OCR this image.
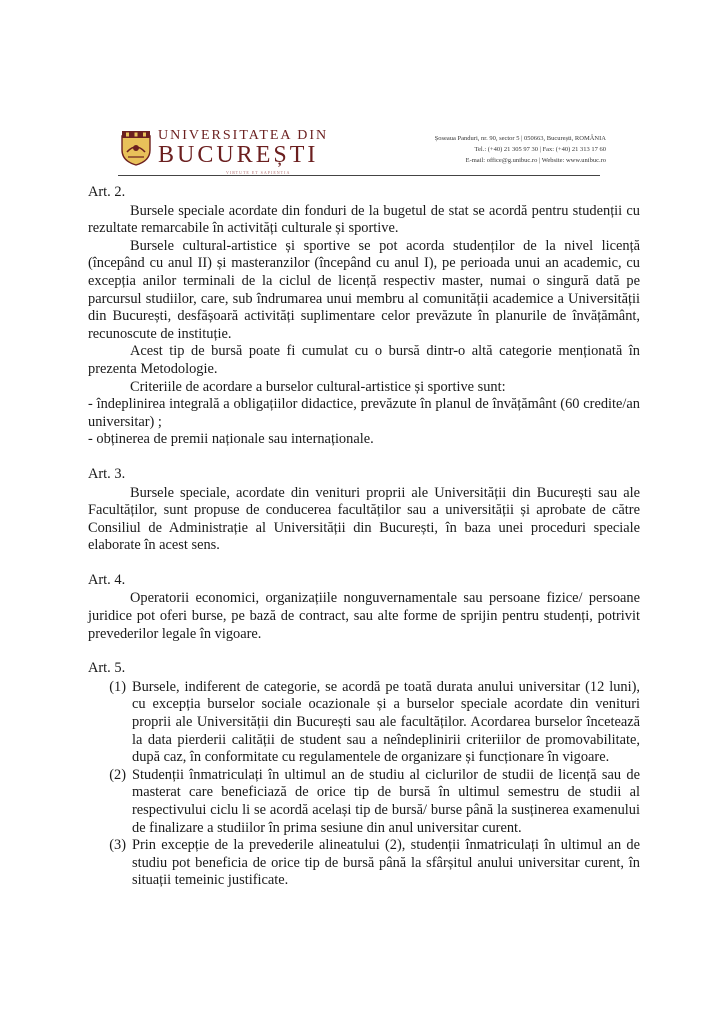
UNIVERSITATEA DIN
BUCUREȘTI
VIRTUTE ET SAPIENTIA
Șoseaua Panduri, nr. 90, sector 5 | 050663, București, ROMÂNIA
Tel.: (+40) 21 305 97 30 | Fax: (+40) 21 313 17 60
E-mail: office@g.unibuc.ro | Website: www.unibuc.ro

Art. 2.

Bursele speciale acordate din fonduri de la bugetul de stat se acordă pentru studenții cu rezultate remarcabile în activități culturale și sportive.

Bursele cultural-artistice și sportive se pot acorda studenților de la nivel licență (începând cu anul II) și masteranzilor (începând cu anul I), pe perioada unui an academic, cu excepția anilor terminali de la ciclul de licență respectiv master, numai o singură dată pe parcursul studiilor, care, sub îndrumarea unui membru al comunității academice a Universității din București, desfășoară activități suplimentare celor prevăzute în planurile de învățământ, recunoscute de instituție.

Acest tip de bursă poate fi cumulat cu o bursă dintr-o altă categorie menționată în prezenta Metodologie.

Criteriile de acordare a burselor cultural-artistice și sportive sunt:

- îndeplinirea integrală a obligațiilor didactice, prevăzute în planul de învățământ (60 credite/an universitar) ;

- obținerea de premii naționale sau internaționale.

Art. 3.

Bursele speciale, acordate din venituri proprii ale Universității din București sau ale Facultăților, sunt propuse de conducerea facultăților sau a universității și aprobate de către Consiliul de Administrație al Universității din București, în baza unei proceduri speciale elaborate în acest sens.

Art. 4.

Operatorii economici, organizațiile nonguvernamentale sau persoane fizice/ persoane juridice pot oferi burse, pe bază de contract, sau alte forme de sprijin pentru studenți, potrivit prevederilor legale în vigoare.

Art. 5.

(1) Bursele, indiferent de categorie, se acordă pe toată durata anului universitar (12 luni), cu excepția burselor sociale ocazionale și a burselor speciale acordate din venituri proprii ale Universității din București sau ale facultăților. Acordarea burselor încetează la data pierderii calității de student sau a neîndeplinirii criteriilor de promovabilitate, după caz, în conformitate cu regulamentele de organizare și funcționare în vigoare.
(2) Studenții înmatriculați în ultimul an de studiu al ciclurilor de studii de licență sau de masterat care beneficiază de orice tip de bursă în ultimul semestru de studii al respectivului ciclu li se acordă același tip de bursă/ burse până la susținerea examenului de finalizare a studiilor în prima sesiune din anul universitar curent.
(3) Prin excepție de la prevederile alineatului (2), studenții înmatriculați în ultimul an de studiu pot beneficia de orice tip de bursă până la sfârșitul anului universitar curent, în situații temeinic justificate.
